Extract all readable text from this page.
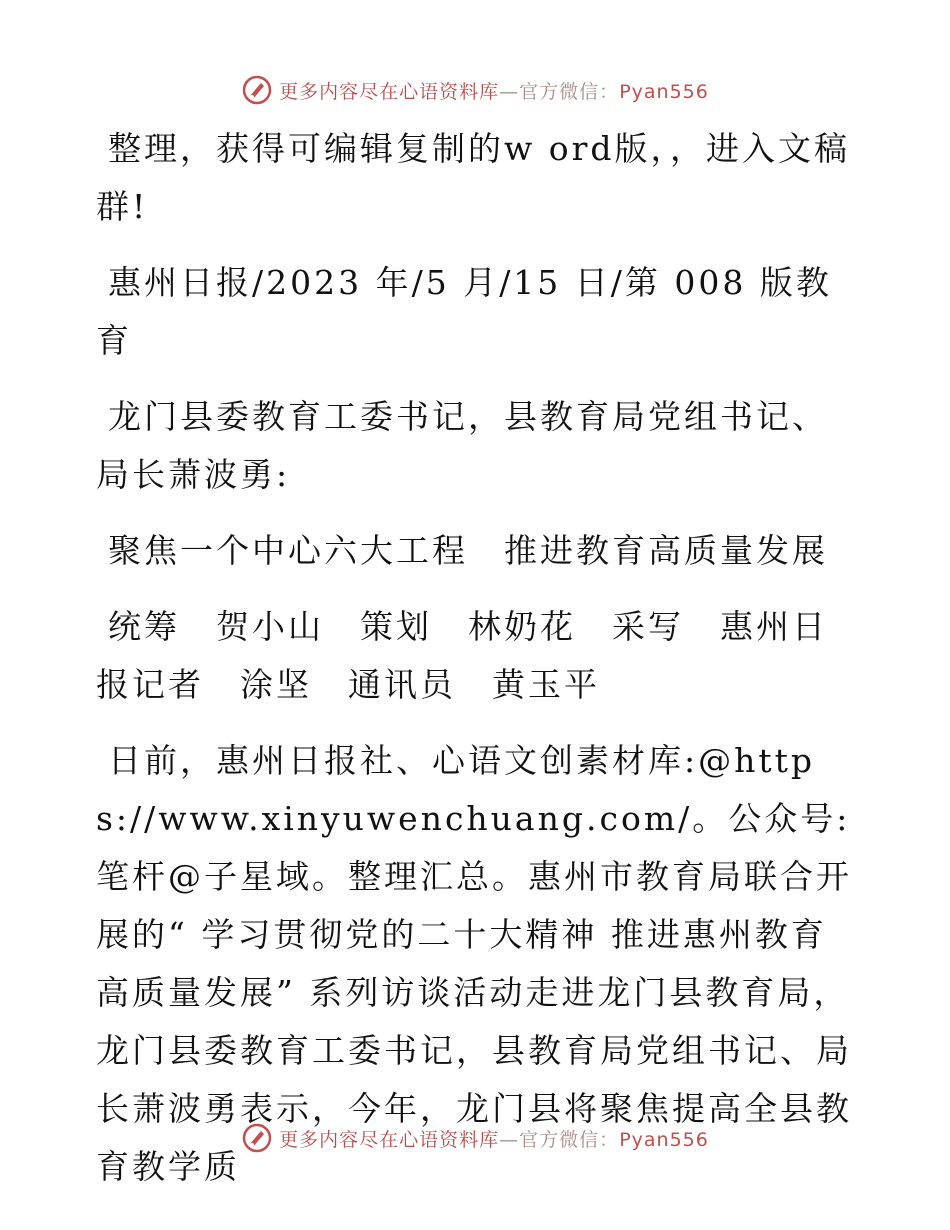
更多内容尽在心语资料库—官方微信：Pyan556

整理，获得可编辑复制的w ord版，，进入文稿群!

惠州日报/2023 年/5 月/15 日/第 008 版教育

龙门县委教育工委书记，县教育局党组书记、局长萧波勇:

聚焦一个中心六大工程　推进教育高质量发展

统筹　贺小山　策划　林奶花　采写　惠州日报记者　涂坚　通讯员　黄玉平

日前，惠州日报社、心语文创素材库:@https://www.xinyuwenchuang.com/。公众号:笔杆@子星域。整理汇总。惠州市教育局联合开展的“ 学习贯彻党的二十大精神 推进惠州教育高质量发展” 系列访谈活动走进龙门县教育局，龙门县委教育工委书记，县教育局党组书记、局长萧波勇表示，今年，龙门县将聚焦提高全县教育教学质

更多内容尽在心语资料库—官方微信：Pyan556
